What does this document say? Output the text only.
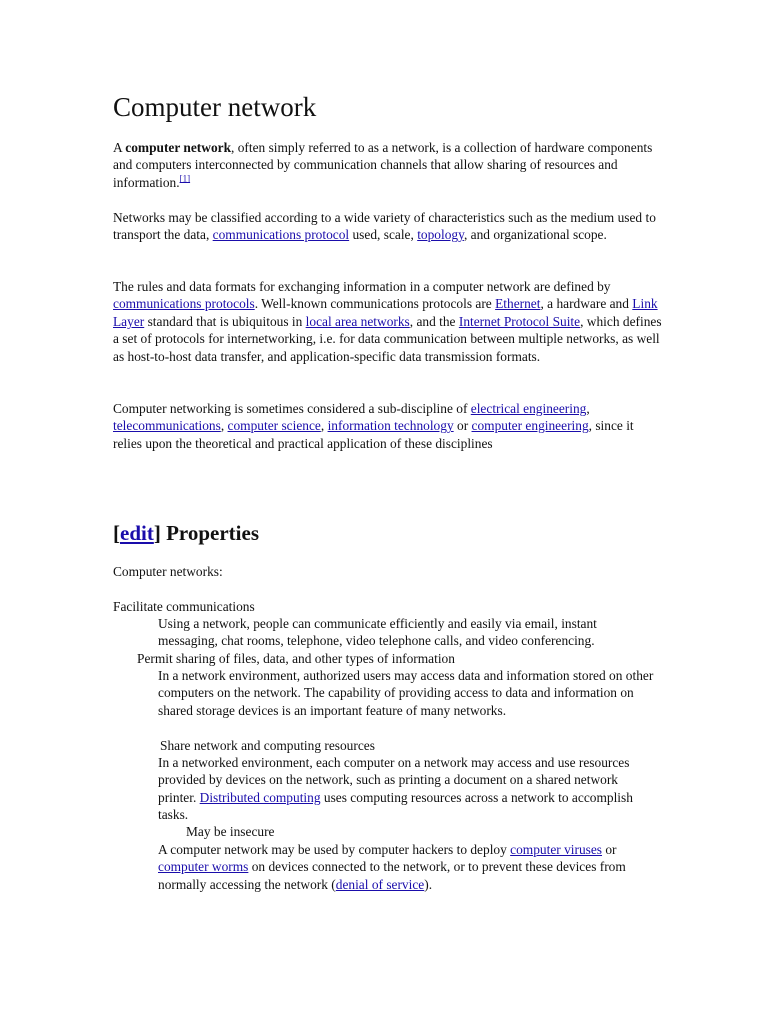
Computer network

A computer network, often simply referred to as a network, is a collection of hardware components and computers interconnected by communication channels that allow sharing of resources and information.[1]

Networks may be classified according to a wide variety of characteristics such as the medium used to transport the data, communications protocol used, scale, topology, and organizational scope.

The rules and data formats for exchanging information in a computer network are defined by communications protocols. Well-known communications protocols are Ethernet, a hardware and Link Layer standard that is ubiquitous in local area networks, and the Internet Protocol Suite, which defines a set of protocols for internetworking, i.e. for data communication between multiple networks, as well as host-to-host data transfer, and application-specific data transmission formats.

Computer networking is sometimes considered a sub-discipline of electrical engineering, telecommunications, computer science, information technology or computer engineering, since it relies upon the theoretical and practical application of these disciplines

[edit] Properties
Computer networks:
Facilitate communications

Using a network, people can communicate efficiently and easily via email, instant messaging, chat rooms, telephone, video telephone calls, and video conferencing.

Permit sharing of files, data, and other types of information

In a network environment, authorized users may access data and information stored on other computers on the network. The capability of providing access to data and information on shared storage devices is an important feature of many networks.

Share network and computing resources

In a networked environment, each computer on a network may access and use resources provided by devices on the network, such as printing a document on a shared network printer. Distributed computing uses computing resources across a network to accomplish tasks.

May be insecure

A computer network may be used by computer hackers to deploy computer viruses or computer worms on devices connected to the network, or to prevent these devices from normally accessing the network (denial of service).
